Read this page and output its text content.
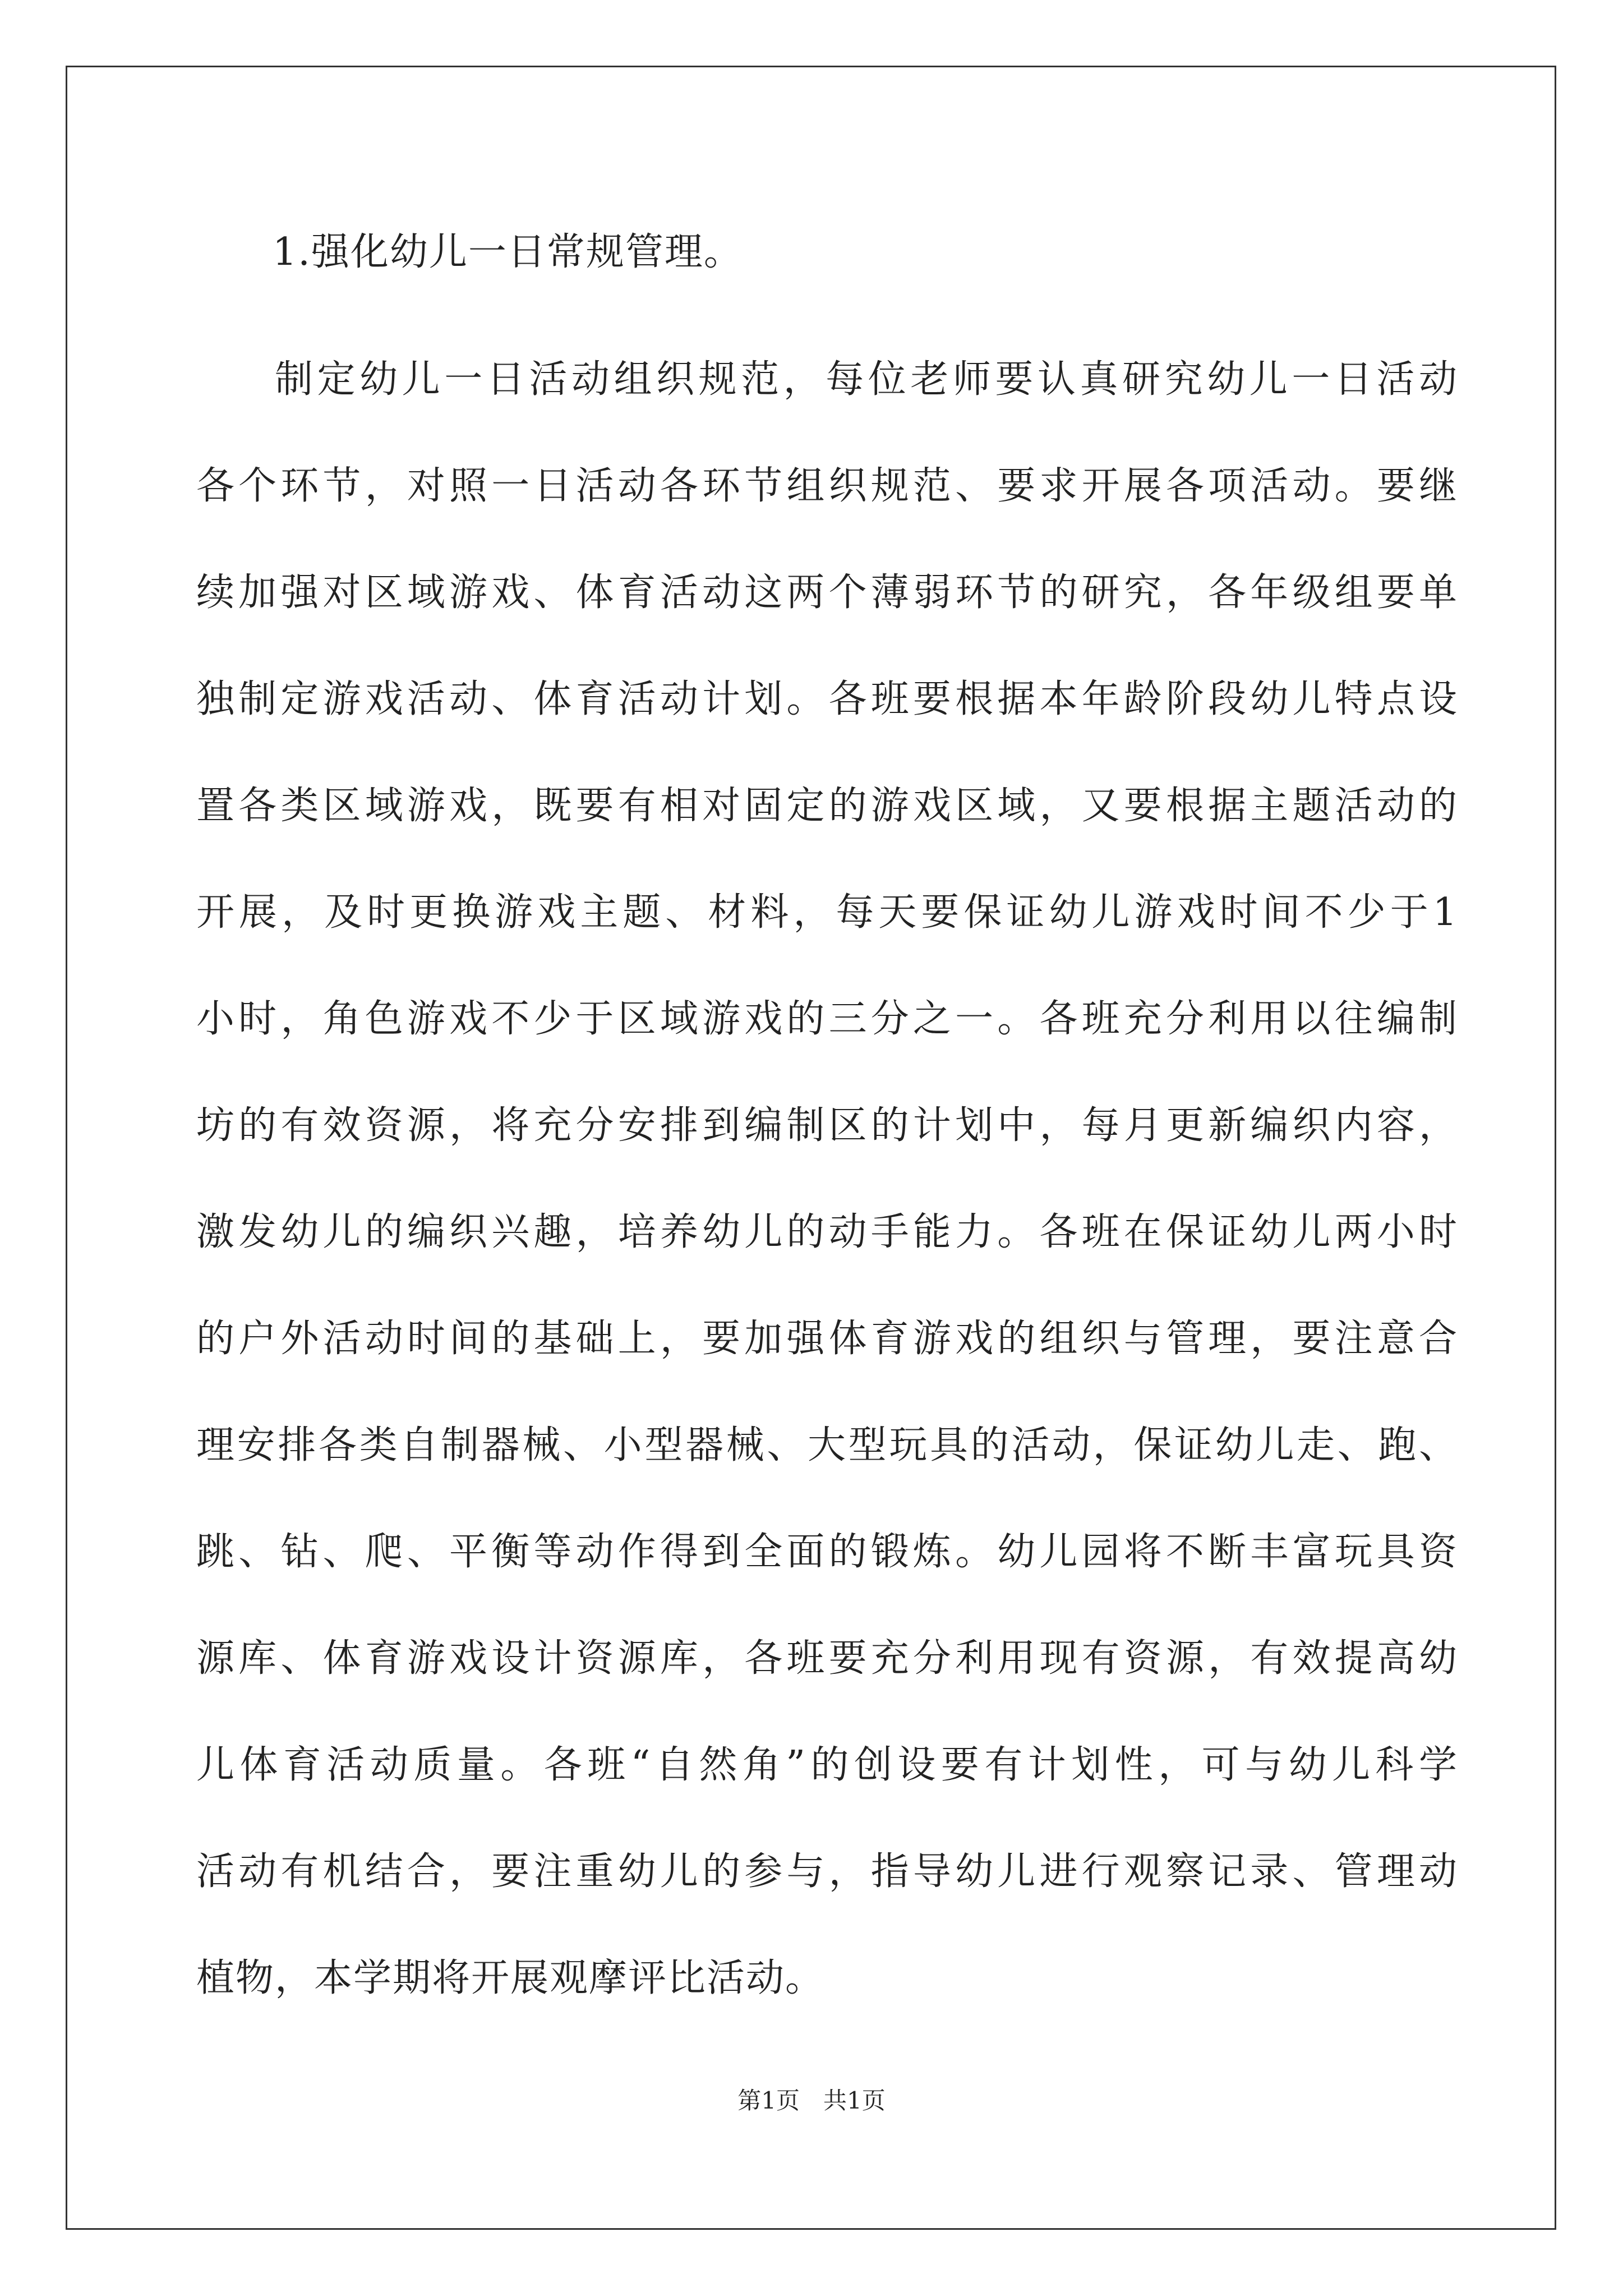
1.强化幼儿一日常规管理。

制定幼儿一日活动组织规范，每位老师要认真研究幼儿一日活动
各个环节，对照一日活动各环节组织规范、要求开展各项活动。要继
续加强对区域游戏、体育活动这两个薄弱环节的研究，各年级组要单
独制定游戏活动、体育活动计划。各班要根据本年龄阶段幼儿特点设
置各类区域游戏，既要有相对固定的游戏区域，又要根据主题活动的
开展，及时更换游戏主题、材料，每天要保证幼儿游戏时间不少于1
小时，角色游戏不少于区域游戏的三分之一。各班充分利用以往编制
坊的有效资源，将充分安排到编制区的计划中，每月更新编织内容，
激发幼儿的编织兴趣，培养幼儿的动手能力。各班在保证幼儿两小时
的户外活动时间的基础上，要加强体育游戏的组织与管理，要注意合
理安排各类自制器械、小型器械、大型玩具的活动，保证幼儿走、跑、
跳、钻、爬、平衡等动作得到全面的锻炼。幼儿园将不断丰富玩具资
源库、体育游戏设计资源库，各班要充分利用现有资源，有效提高幼
儿体育活动质量。各班“自然角”的创设要有计划性，可与幼儿科学
活动有机结合，要注重幼儿的参与，指导幼儿进行观察记录、管理动
植物，本学期将开展观摩评比活动。
第1页　共1页
